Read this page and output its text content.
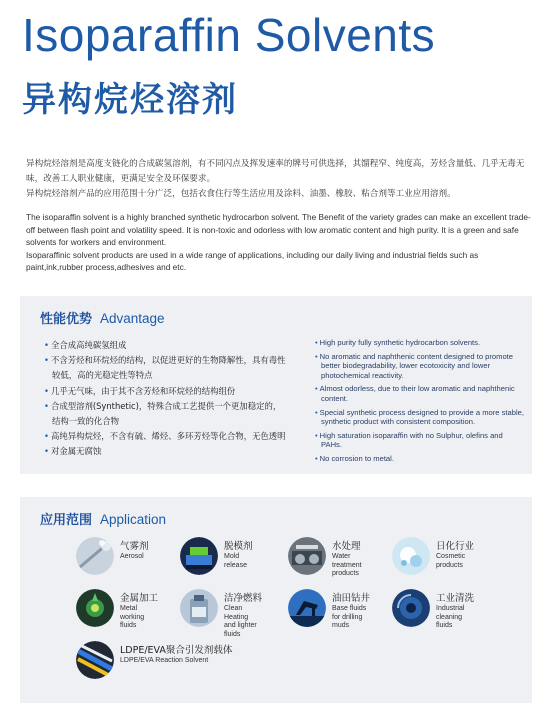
Isoparaffin Solvents
异构烷烃溶剂

异构烷烃溶剂是高度支链化的合成碳氢溶剂，有不同闪点及挥发速率的牌号可供选择，其馏程窄、纯度高，芳烃含量低、几乎无毒无味，改善工人职业健康，更满足安全及环保要求。

异构烷烃溶剂产品的应用范围十分广泛，包括衣食住行等生活应用及涂料、油墨、橡胶、粘合剂等工业应用溶剂。

The isoparaffin solvent is a highly branched synthetic hydrocarbon solvent. The Benefit of the variety grades can make an excellent trade-off between flash point and volatility speed. It is non-toxic and odorless with low aromatic content and high purity. It is a green and safe solvents for workers and environment.

Isoparaffinic solvent products are used in a wide range of applications, including our daily living and industrial fields such as paint,ink,rubber process,adhesives and etc.

性能优势 Advantage
• 全合成高纯碳氢组成
• 不含芳烃和环烷烃的结构，以促进更好的生物降解性，具有毒性
较低，高的光稳定性等特点
• 几乎无气味，由于其不含芳烃和环烷烃的结构组份
• 合成型溶剂(Synthetic)，特殊合成工艺提供一个更加稳定的，
结构一致的化合物
• 高纯异构烷烃，不含有硫、烯烃、多环芳烃等化合物，无色透明
• 对金属无腐蚀
• High purity fully synthetic hydrocarbon solvents.
• No aromatic and naphthenic content designed to promote better biodegradability, lower ecotoxicity and lower photochemical reactivity.
• Almost odorless, due to their low aromatic and naphthenic content.
• Special synthetic process designed to provide a more stable, synthetic product with consistent composition.
• High saturation isoparaffin with no Sulphur, olefins and PAHs.
• No corrosion to metal.
应用范围 Application
气雾剂
Aerosol
脱模剂
Mold release
水处理
Water treatment
products
日化行业
Cosmetic products
金属加工
Metal working
fluids
洁净燃料
Clean Heating
and lighter fluids
油田钻井
Base fluids
for drilling muds
工业清洗
Industrial
cleaning fluids
LDPE/EVA聚合引发剂载体
LDPE/EVA Reaction Solvent
